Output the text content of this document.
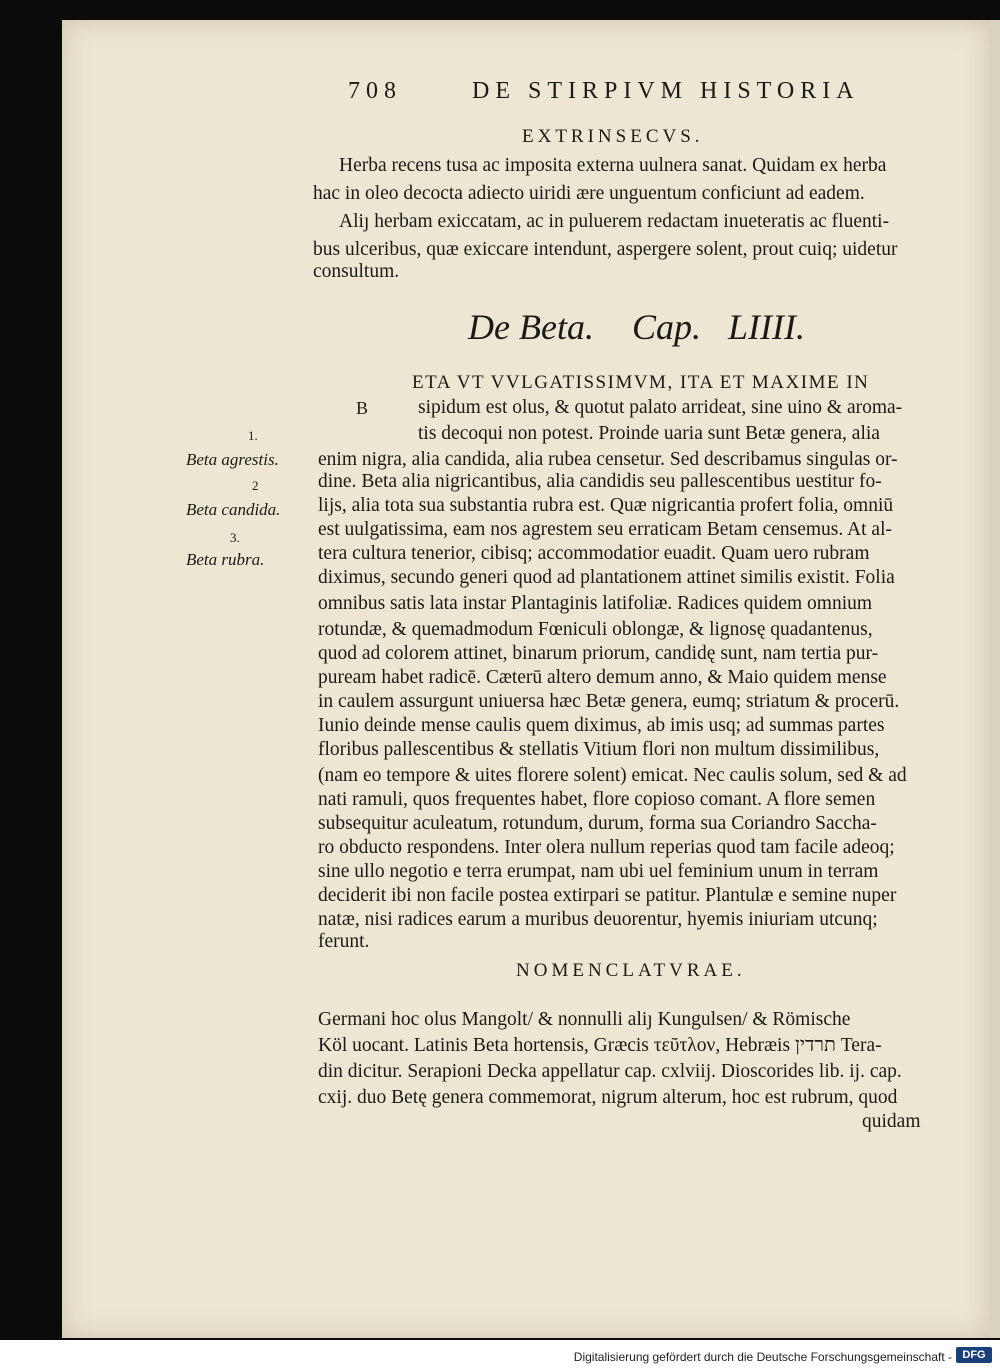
708	DE STIRPIVM HISTORIA
EXTRINSECVS.
Herba recens tusa ac imposita externa uulnera sanat. Quidam ex herba
hac in oleo decocta adiecto uiridi ære unguentum conficiunt ad eadem.
Aliȷ herbam exiccatam, ac in puluerem redactam inueteratis ac fluenti-
bus ulceribus, quæ exiccare intendunt, aspergere solent, prout cuiq; uidetur
consultum.
De Beta. Cap. LIIII.
B
ETA VT VVLGATISSIMVM, ITA ET MAXIME IN
sipidum est olus, & quotut palato arrideat, sine uino & aroma-
tis decoqui non potest. Proinde uaria sunt Betæ genera, alia
enim nigra, alia candida, alia rubea censetur. Sed describamus singulas or-
dine. Beta alia nigricantibus, alia candidis seu pallescentibus uestitur fo-
lijs, alia tota sua substantia rubra est. Quæ nigricantia profert folia, omniū
est uulgatissima, eam nos agrestem seu erraticam Betam censemus. At al-
tera cultura tenerior, cibisq; accommodatior euadit. Quam uero rubram
diximus, secundo generi quod ad plantationem attinet similis existit. Folia
omnibus satis lata instar Plantaginis latifoliæ. Radices quidem omnium
rotundæ, & quemadmodum Fœniculi oblongæ, & lignosę quadantenus,
quod ad colorem attinet, binarum priorum, candidę sunt, nam tertia pur-
puream habet radicē. Cæterū altero demum anno, & Maio quidem mense
in caulem assurgunt uniuersa hæc Betæ genera, eumq; striatum & procerū.
Iunio deinde mense caulis quem diximus, ab imis usq; ad summas partes
floribus pallescentibus & stellatis Vitium flori non multum dissimilibus,
(nam eo tempore & uites florere solent) emicat. Nec caulis solum, sed & ad
nati ramuli, quos frequentes habet, flore copioso comant. A flore semen
subsequitur aculeatum, rotundum, durum, forma sua Coriandro Saccha-
ro obducto respondens. Inter olera nullum reperias quod tam facile adeoq;
sine ullo negotio e terra erumpat, nam ubi uel feminium unum in terram
deciderit ibi non facile postea extirpari se patitur. Plantulæ e semine nuper
natæ, nisi radices earum a muribus deuorentur, hyemis iniuriam utcunq;
ferunt.
1.
Beta agrestis.
2
Beta candida.
3.
Beta rubra.
NOMENCLATVRAE.
Germani hoc olus Mangolt/ & nonnulli aliȷ Kungulsen/ & Römische
Köl uocant. Latinis Beta hortensis, Græcis τεῦτλον, Hebræis תרדין Tera-
din dicitur. Serapioni Decka appellatur cap. cxlviij. Dioscorides lib. ij. cap.
cxij. duo Betę genera commemorat, nigrum alterum, hoc est rubrum, quod
quidam
Digitalisierung gefördert durch die Deutsche Forschungsgemeinschaft - DFG
